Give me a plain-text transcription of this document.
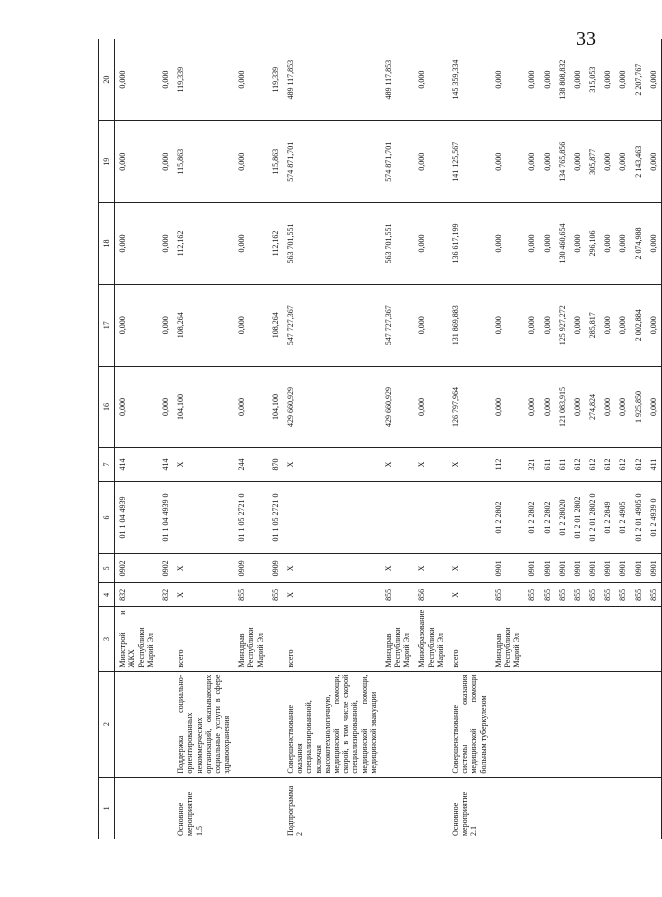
33
1	2	3	4	5	6	7	16	17	18	19	20
		Минстрой и ЖКХ Республики Марий Эл	832	0902	01 1 04 4939	414	0,000	0,000	0,000	0,000	0,000
			832	0902	01 1 04 4939 0	414	0,000	0,000	0,000	0,000	0,000
Основное мероприятие 1.5	Поддержка социально-ориентированных некоммерческих организаций, оказывающих социальные услуги в сфере здравоохранения	всего	Х	Х		Х	104,100	108,264	112,162	115,863	119,339
		Минздрав Республики Марий Эл	855	0909	01 1 05 2721 0	244	0,000	0,000	0,000	0,000	0,000
			855	0909	01 1 05 2721 0	870	104,100	108,264	112,162	115,863	119,339
Подпрограмма 2	Совершенствование оказания специализированной, включая высокотехнологичную, медицинской помощи, скорой, в том числе скорой специализированной, медицинской помощи, медицинской эвакуации	всего	Х	Х		Х	429 660,929	547 727,367	563 701,551	574 871,701	489 117,853
		Минздрав Республики Марий Эл	855	Х		Х	429 660,929	547 727,367	563 701,551	574 871,701	489 117,853
		Минобразование Республики Марий Эл	856	Х		Х	0,000	0,000	0,000	0,000	0,000
Основное мероприятие 2.1	Совершенствование системы оказания медицинской помощи больным туберкулезом	всего	Х	Х		Х	126 797,964	131 869,883	136 617,199	141 125,567	145 359,334
		Минздрав Республики Марий Эл	855	0901	01 2 2802	112	0,000	0,000	0,000	0,000	0,000
			855	0901	01 2 2802	321	0,000	0,000	0,000	0,000	0,000
			855	0901	01 2 2802	611	0,000	0,000	0,000	0,000	0,000
			855	0901	01 2 28020	611	121 083,915	125 927,272	130 460,654	134 765,856	138 808,832
			855	0901	01 2 01 2802	612	0,000	0,000	0,000	0,000	0,000
			855	0901	01 2 01 2802 0	612	274,824	285,817	296,106	305,877	315,053
			855	0901	01 2 2849	612	0,000	0,000	0,000	0,000	0,000
			855	0901	01 2 4905	612	0,000	0,000	0,000	0,000	0,000
			855	0901	01 2 01 4905 0	612	1 925,850	2 002,884	2 074,988	2 143,463	2 207,767
			855	0901	01 2 4939 0	411	0,000	0,000	0,000	0,000	0,000
